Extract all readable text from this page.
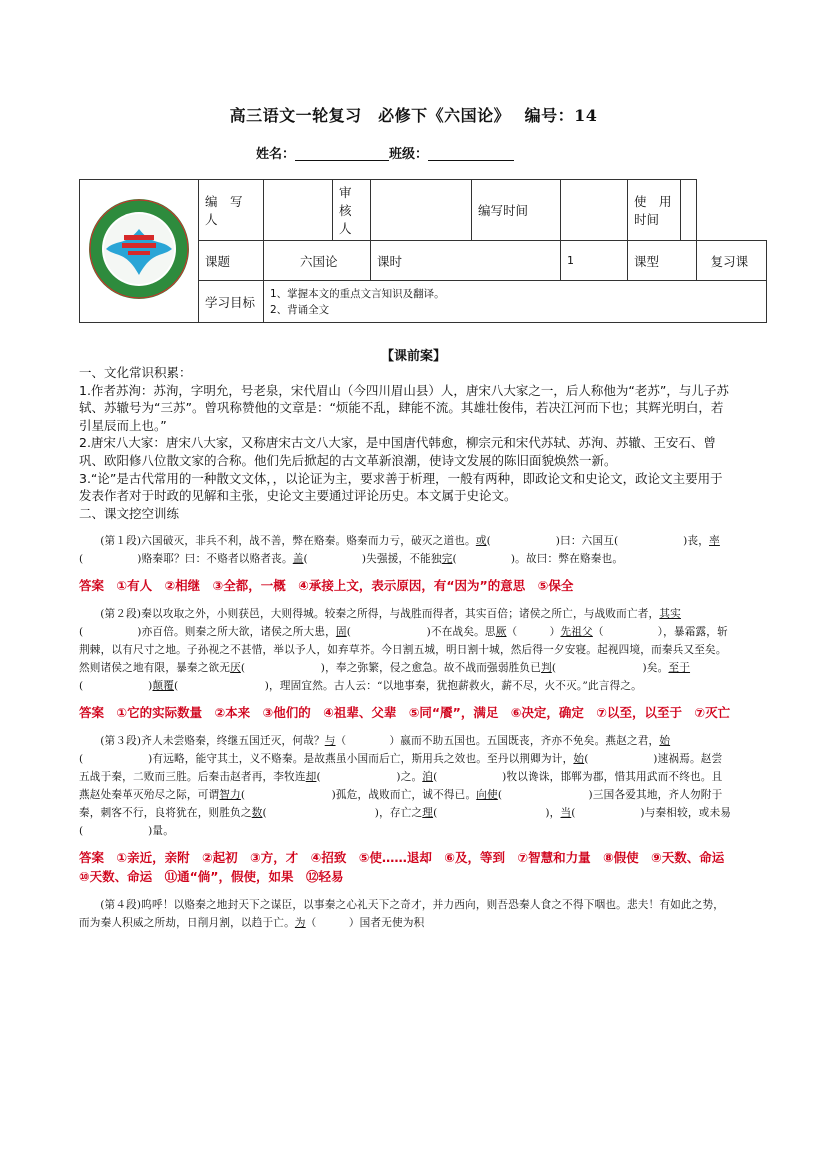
高三语文一轮复习　必修下《六国论》　 编号：14
姓名：	班级：
	编　写　人		审　核　人		编写时间		使　用　时间		
	课题	六国论		课时		1	课型		复习课
	学习目标	1、掌握本文的重点文言知识及翻译。
2、背诵全文							
【课前案】

一、文化常识积累：

1.作者苏洵：苏洵，字明允，号老泉，宋代眉山（今四川眉山县）人，唐宋八大家之一，后人称他为“老苏”，与儿子苏轼、苏辙号为“三苏”。曾巩称赞他的文章是：“烦能不乱，肆能不流。其雄壮俊伟，若决江河而下也；其辉光明白，若引星辰而上也。”

2.唐宋八大家：唐宋八大家，又称唐宋古文八大家，是中国唐代韩愈，柳宗元和宋代苏轼、苏洵、苏辙、王安石、曾巩、欧阳修八位散文家的合称。他们先后掀起的古文革新浪潮，使诗文发展的陈旧面貌焕然一新。

3.“论”是古代常用的一种散文文体，，以论证为主，要求善于析理，一般有两种，即政论文和史论文，政论文主要用于发表作者对于时政的见解和主张，史论文主要通过评论历史。本文属于史论文。

二、课文挖空训练

(第１段)六国破灭，非兵不利，战不善，弊在赂秦。赂秦而力亏，破灭之道也。或(　　　　　　)曰：六国互(　　　　　　)丧，率(　　　　　)赂秦耶？曰：不赂者以赂者丧。盖(　　　　　)失强援，不能独完(　　　　　)。故曰：弊在赂秦也。

答案　①有人　②相继　③全都，一概　④承接上文，表示原因，有“因为”的意思　⑤保全

(第２段)秦以攻取之外，小则获邑，大则得城。较秦之所得，与战胜而得者，其实百倍；诸侯之所亡，与战败而亡者，其实(　　　　　)亦百倍。则秦之所大欲，诸侯之所大患，固(　　　　　　　)不在战矣。思厥（　　　）先祖父（　　　　　），暴霜露，斩荆棘，以有尺寸之地。子孙视之不甚惜，举以予人，如弃草芥。今日割五城，明日割十城，然后得一夕安寝。起视四境，而秦兵又至矣。然则诸侯之地有限，暴秦之欲无厌(　　　　　　　)，奉之弥繁，侵之愈急。故不战而强弱胜负已判(　　　　　　　　)矣。至于(　　　　　　)颠覆(　　　　　　　　)，理固宜然。古人云：“以地事秦，犹抱薪救火，薪不尽，火不灭。”此言得之。

答案　①它的实际数量　②本来　③他们的　④祖辈、父辈　⑤同“餍”，满足　⑥决定，确定　⑦以至，以至于　⑦灭亡

(第３段)齐人未尝赂秦，终继五国迁灭，何哉？与（　　　　）嬴而不助五国也。五国既丧，齐亦不免矣。燕赵之君，始(　　　　　　)有远略，能守其土，义不赂秦。是故燕虽小国而后亡，斯用兵之效也。至丹以荆卿为计，始(　　　　　　)速祸焉。赵尝五战于秦，二败而三胜。后秦击赵者再，李牧连却(　　　　　　　)之。洎(　　　　　　)牧以谗诛，邯郸为郡，惜其用武而不终也。且燕赵处秦革灭殆尽之际，可谓智力(　　　　　　　　)孤危，战败而亡，诚不得已。向使(　　　　　　　　)三国各爱其地，齐人勿附于秦，刺客不行，良将犹在，则胜负之数(　　　　　　　　　　)，存亡之理(　　　　　　　　　　)，当(　　　　　　)与秦相较，或未易(　　　　　　)量。

答案　①亲近，亲附　②起初　③方，才　④招致　⑤使……退却　⑥及，等到　⑦智慧和力量　⑧假使　⑨天数、命运　⑩天数、命运　⑪通“倘”，假使，如果　⑫轻易

(第４段)呜呼！以赂秦之地封天下之谋臣，以事秦之心礼天下之奇才，并力西向，则吾恐秦人食之不得下咽也。悲夫！有如此之势，而为秦人积威之所劫，日削月割，以趋于亡。为（　　　）国者无使为积
